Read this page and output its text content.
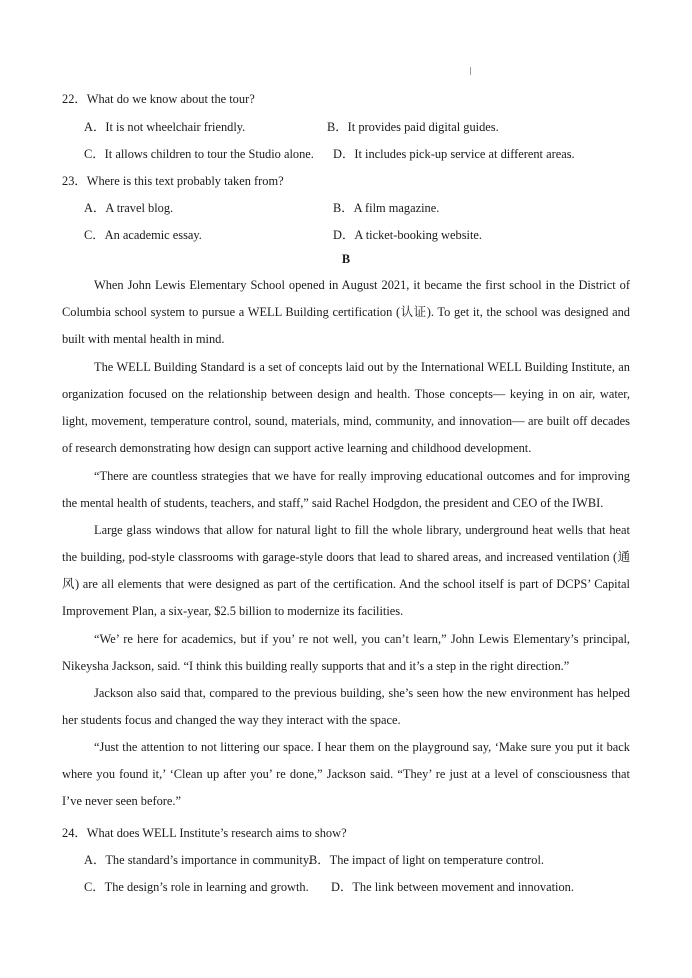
22．What do we know about the tour?
A．It is not wheelchair friendly.	B．It provides paid digital guides.
C．It allows children to tour the Studio alone. D．It includes pick-up service at different areas.
23．Where is this text probably taken from?
A．A travel blog.	B．A film magazine.
C．An academic essay.	D．A ticket-booking website.
B
When John Lewis Elementary School opened in August 2021, it became the first school in the District of Columbia school system to pursue a WELL Building certification (认证). To get it, the school was designed and built with mental health in mind.
The WELL Building Standard is a set of concepts laid out by the International WELL Building Institute, an organization focused on the relationship between design and health. Those concepts— keying in on air, water, light, movement, temperature control, sound, materials, mind, community, and innovation— are built off decades of research demonstrating how design can support active learning and childhood development.
“There are countless strategies that we have for really improving educational outcomes and for improving the mental health of students, teachers, and staff,” said Rachel Hodgdon, the president and CEO of the IWBI.
Large glass windows that allow for natural light to fill the whole library, underground heat wells that heat the building, pod-style classrooms with garage-style doors that lead to shared areas, and increased ventilation (通风) are all elements that were designed as part of the certification. And the school itself is part of DCPS’ Capital Improvement Plan, a six-year, $2.5 billion to modernize its facilities.
“We’ re here for academics, but if you’ re not well, you can’t learn,” John Lewis Elementary’s principal, Nikeysha Jackson, said. “I think this building really supports that and it’s a step in the right direction.”
Jackson also said that, compared to the previous building, she’s seen how the new environment has helped her students focus and changed the way they interact with the space.
“Just the attention to not littering our space. I hear them on the playground say, ‘Make sure you put it back where you found it,’ ‘Clean up after you’ re done,” Jackson said. “They’ re just at a level of consciousness that I’ve never seen before.”
24．What does WELL Institute’s research aims to show?
A．The standard’s importance in community.
B．The impact of light on temperature control.
C．The design’s role in learning and growth. D．The link between movement and innovation.
